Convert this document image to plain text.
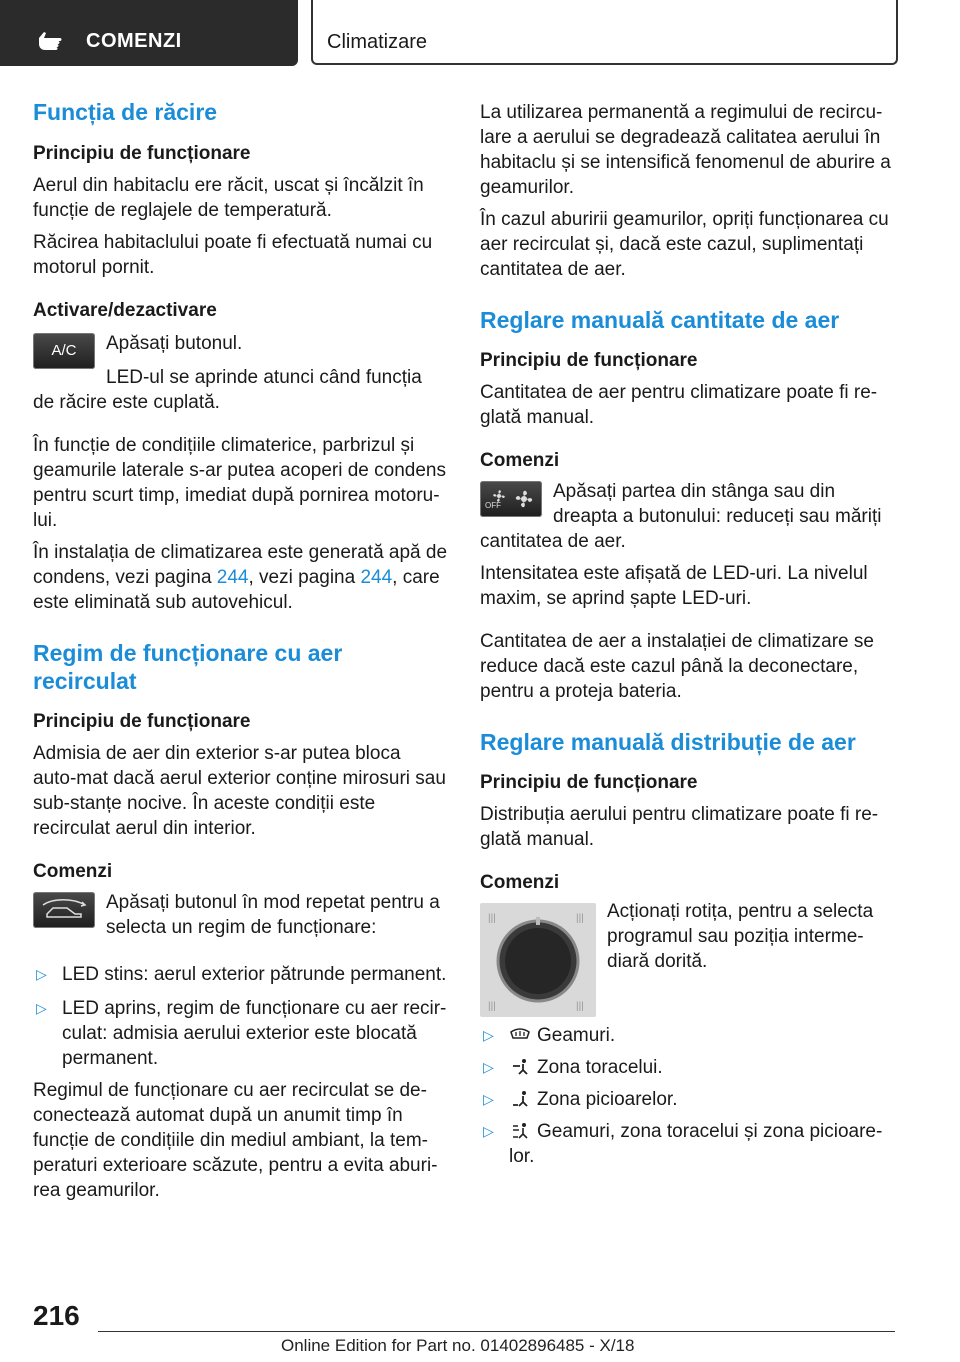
COMENZI	Climatizare
Funcția de răcire
Principiu de funcționare

Aerul din habitaclu ere răcit, uscat și încălzit în funcție de reglajele de temperatură.

Răcirea habitaclului poate fi efectuată numai cu motorul pornit.

Activare/dezactivare
A/C	Apăsați butonul.

LED-ul se aprinde atunci când funcția

de răcire este cuplată.

În funcție de condițiile climaterice, parbrizul și geamurile laterale s-ar putea acoperi de condens pentru scurt timp, imediat după pornirea motoru‐lui.

În instalația de climatizarea este generată apă de condens, vezi pagina 244, vezi pagina 244, care este eliminată sub autovehicul.

Regim de funcționare cu aer recirculat
Principiu de funcționare

Admisia de aer din exterior s-ar putea bloca auto‐mat dacă aerul exterior conține mirosuri sau sub‐stanțe nocive. În aceste condiții este recirculat aerul din interior.

Comenzi

Apăsați butonul în mod repetat pentru a selecta un regim de funcționare:

▷ LED stins: aerul exterior pătrunde permanent.
▷ LED aprins, regim de funcționare cu aer recir‐culat: admisia aerului exterior este blocată permanent.

Regimul de funcționare cu aer recirculat se de‐conectează automat după un anumit timp în funcție de condițiile din mediul ambiant, la tem‐peraturi exterioare scăzute, pentru a evita aburi‐rea geamurilor.

La utilizarea permanentă a regimului de recircu‐lare a aerului se degradează calitatea aerului în habitaclu și se intensifică fenomenul de aburire a geamurilor.

În cazul aburirii geamurilor, opriți funcționarea cu aer recirculat și, dacă este cazul, suplimentați cantitatea de aer.

Reglare manuală cantitate de aer
Principiu de funcționare

Cantitatea de aer pentru climatizare poate fi re‐glată manual.

Comenzi
OFF

Apăsați partea din stânga sau din dreapta a butonului: reduceți sau măriți

cantitatea de aer.

Intensitatea este afișată de LED-uri. La nivelul maxim, se aprind șapte LED-uri.

Cantitatea de aer a instalației de climatizare se reduce dacă este cazul până la deconectare, pentru a proteja bateria.

Reglare manuală distribuție de aer
Principiu de funcționare

Distribuția aerului pentru climatizare poate fi re‐glată manual.

Comenzi
|||	|||
|||	|||

Acționați rotița, pentru a selecta programul sau poziția interme‐diară dorită.

▷ Geamuri.
▷ Zona toracelui.
▷ Zona picioarelor.
▷ Geamuri, zona toracelui și zona picioare‐lor.
216
Online Edition for Part no. 01402896485 - X/18
